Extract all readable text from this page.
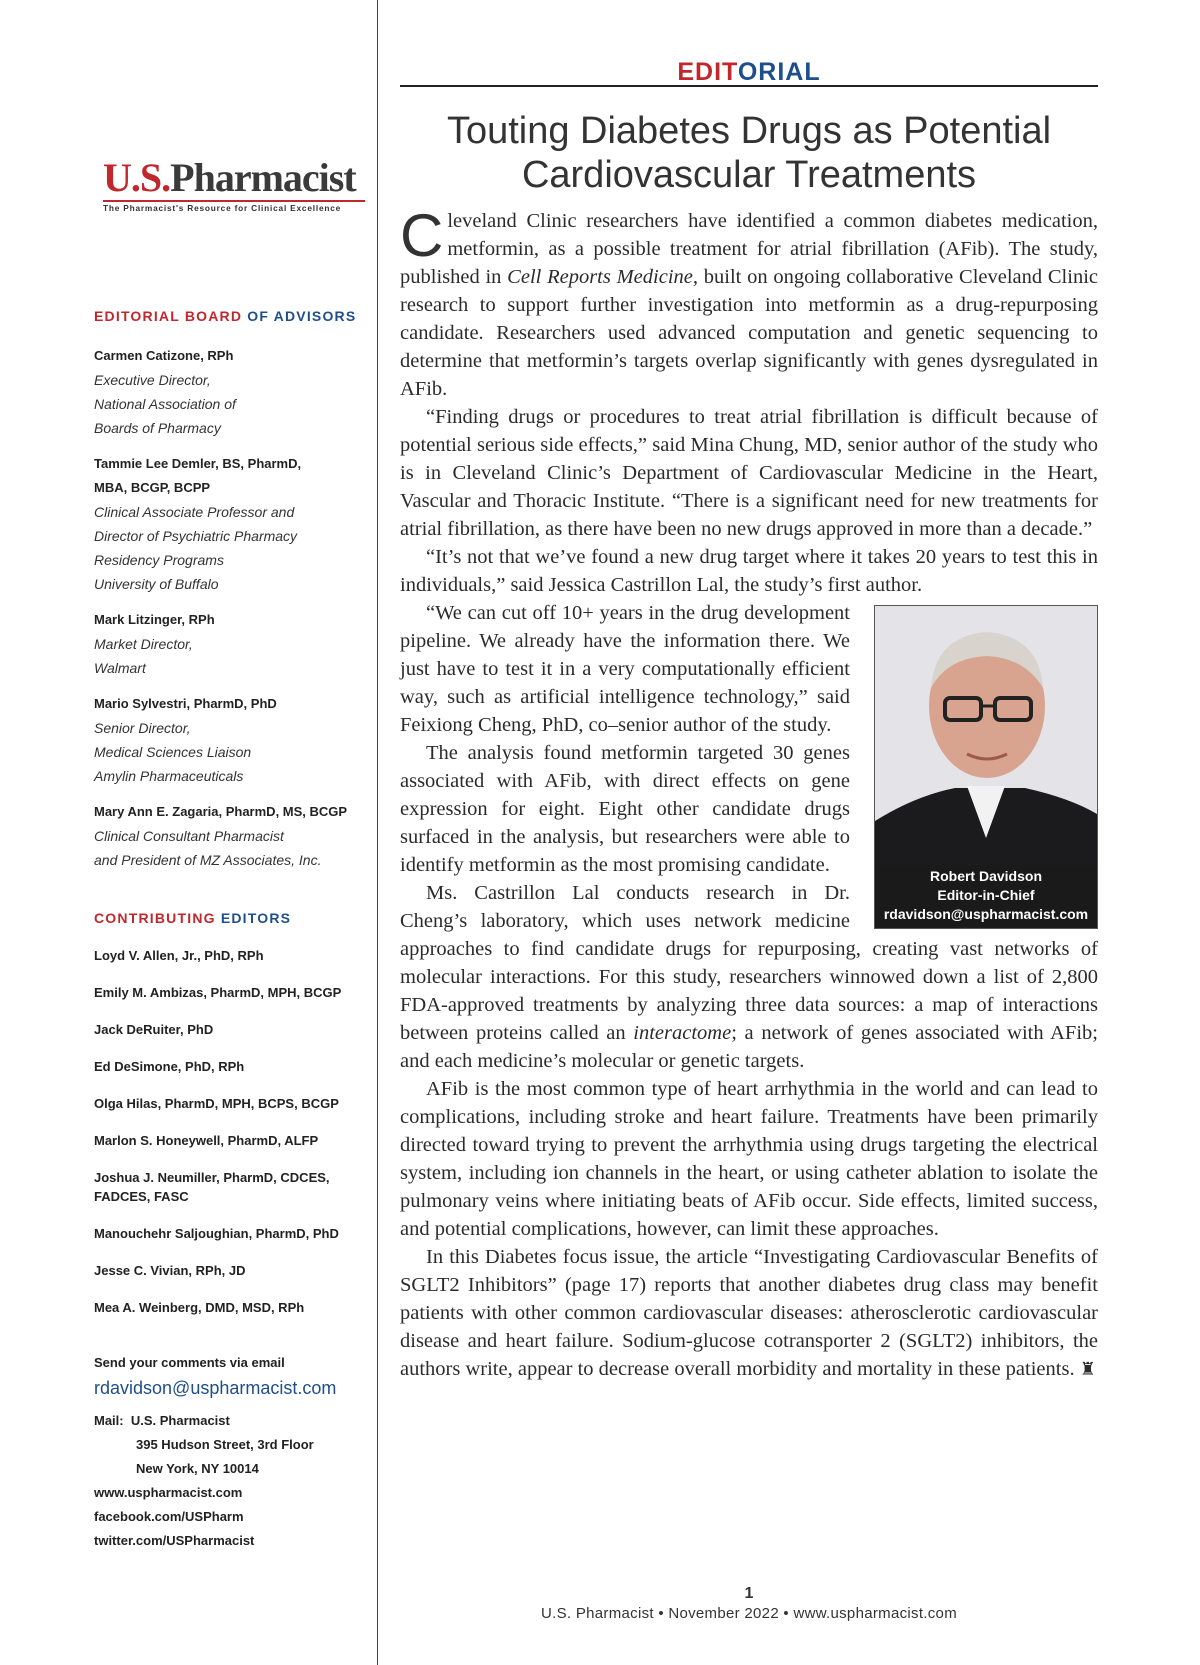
U.S.Pharmacist
The Pharmacist's Resource for Clinical Excellence
EDITORIAL BOARD OF ADVISORS
Carmen Catizone, RPh
Executive Director,
National Association of
Boards of Pharmacy
Tammie Lee Demler, BS, PharmD, MBA, BCGP, BCPP
Clinical Associate Professor and
Director of Psychiatric Pharmacy
Residency Programs
University of Buffalo
Mark Litzinger, RPh
Market Director,
Walmart
Mario Sylvestri, PharmD, PhD
Senior Director,
Medical Sciences Liaison
Amylin Pharmaceuticals
Mary Ann E. Zagaria, PharmD, MS, BCGP
Clinical Consultant Pharmacist
and President of MZ Associates, Inc.
CONTRIBUTING EDITORS
Loyd V. Allen, Jr., PhD, RPh
Emily M. Ambizas, PharmD, MPH, BCGP
Jack DeRuiter, PhD
Ed DeSimone, PhD, RPh
Olga Hilas, PharmD, MPH, BCPS, BCGP
Marlon S. Honeywell, PharmD, ALFP
Joshua J. Neumiller, PharmD, CDCES, FADCES, FASC
Manouchehr Saljoughian, PharmD, PhD
Jesse C. Vivian, RPh, JD
Mea A. Weinberg, DMD, MSD, RPh
Send your comments via email
rdavidson@uspharmacist.com
Mail: U.S. Pharmacist
395 Hudson Street, 3rd Floor
New York, NY 10014
www.uspharmacist.com
facebook.com/USPharm
twitter.com/USPharmacist
EDITORIAL
Touting Diabetes Drugs as Potential
Cardiovascular Treatments

Cleveland Clinic researchers have identified a common diabetes medication, metformin, as a possible treatment for atrial fibrillation (AFib). The study, published in Cell Reports Medicine, built on ongoing collaborative Cleveland Clinic research to support further investigation into metformin as a drug-repurposing candidate. Researchers used advanced computation and genetic sequencing to determine that metformin’s targets overlap significantly with genes dysregulated in AFib.

“Finding drugs or procedures to treat atrial fibrillation is difficult because of potential serious side effects,” said Mina Chung, MD, senior author of the study who is in Cleveland Clinic’s Department of Cardiovascular Medicine in the Heart, Vascular and Thoracic Institute. “There is a significant need for new treatments for atrial fibrillation, as there have been no new drugs approved in more than a decade.”

“It’s not that we’ve found a new drug target where it takes 20 years to test this in individuals,” said Jessica Castrillon Lal, the study’s first author.

Robert Davidson
Editor-in-Chief
rdavidson@uspharmacist.com

“We can cut off 10+ years in the drug development pipeline. We already have the information there. We just have to test it in a very computationally efficient way, such as artificial intelligence technology,” said Feixiong Cheng, PhD, co–senior author of the study.

The analysis found metformin targeted 30 genes associated with AFib, with direct effects on gene expression for eight. Eight other candidate drugs surfaced in the analysis, but researchers were able to identify metformin as the most promising candidate.

Ms. Castrillon Lal conducts research in Dr. Cheng’s laboratory, which uses network medicine approaches to find candidate drugs for repurposing, creating vast networks of molecular interactions. For this study, researchers winnowed down a list of 2,800 FDA-approved treatments by analyzing three data sources: a map of interactions between proteins called an interactome; a network of genes associated with AFib; and each medicine’s molecular or genetic targets.

AFib is the most common type of heart arrhythmia in the world and can lead to complications, including stroke and heart failure. Treatments have been primarily directed toward trying to prevent the arrhythmia using drugs targeting the electrical system, including ion channels in the heart, or using catheter ablation to isolate the pulmonary veins where initiating beats of AFib occur. Side effects, limited success, and potential complications, however, can limit these approaches.

In this Diabetes focus issue, the article “Investigating Cardiovascular Benefits of SGLT2 Inhibitors” (page 17) reports that another diabetes drug class may benefit patients with other common cardiovascular diseases: atherosclerotic cardiovascular disease and heart failure. Sodium-glucose cotransporter 2 (SGLT2) inhibitors, the authors write, appear to decrease overall morbidity and mortality in these patients. ♜

1
U.S. Pharmacist • November 2022 • www.uspharmacist.com
